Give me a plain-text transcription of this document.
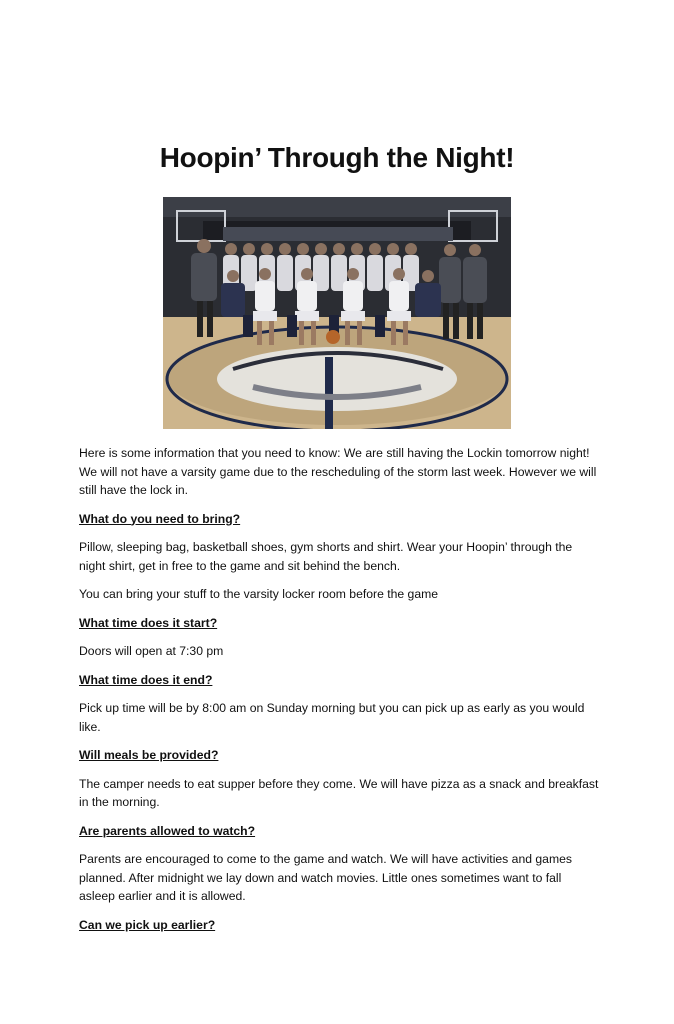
Hoopin’ Through the Night!

Here is some information that you need to know: We are still having the Lockin tomorrow night! We will not have a varsity game due to the rescheduling of the storm last week. However we will still have the lock in.

What do you need to bring?

Pillow, sleeping bag, basketball shoes, gym shorts and shirt. Wear your Hoopin’ through the night shirt, get in free to the game and sit behind the bench.

You can bring your stuff to the varsity locker room before the game

What time does it start?

Doors will open at 7:30 pm

What time does it end?

Pick up time will be by 8:00 am on Sunday morning but you can pick up as early as you would like.

Will meals be provided?

The camper needs to eat supper before they come. We will have pizza as a snack and breakfast in the morning.

Are parents allowed to watch?

Parents are encouraged to come to the game and watch. We will have activities and games planned. After midnight we lay down and watch movies. Little ones sometimes want to fall asleep earlier and it is allowed.

Can we pick up earlier?
